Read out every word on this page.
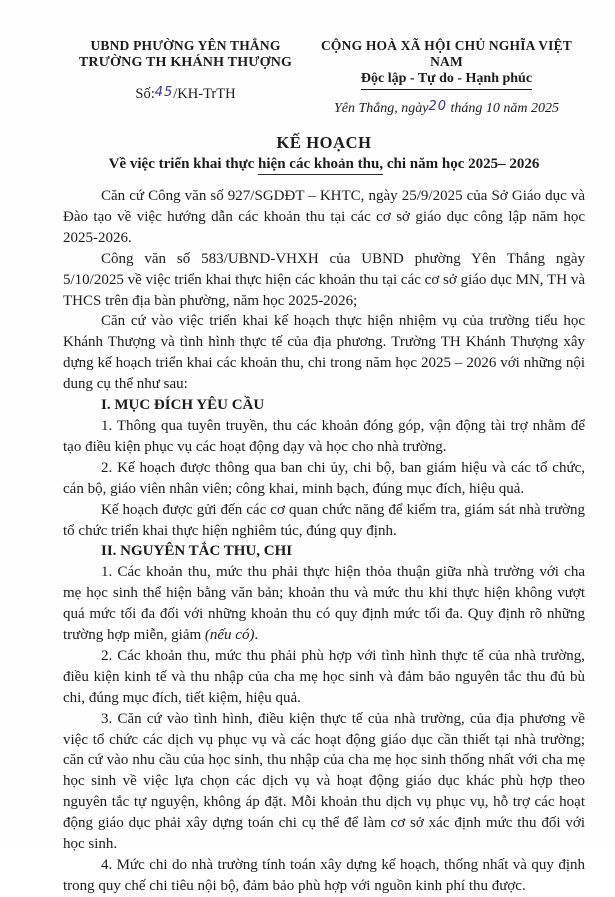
UBND PHƯỜNG YÊN THẮNG
TRƯỜNG TH KHÁNH THƯỢNG
Số:45/KH-TrTH
CỘNG HOÀ XÃ HỘI CHỦ NGHĨA VIỆT NAM
Độc lập - Tự do - Hạnh phúc
Yên Thắng, ngày20 tháng 10 năm 2025
KẾ HOẠCH
Về việc triển khai thực hiện các khoản thu, chi năm học 2025– 2026

Căn cứ Công văn số 927/SGDĐT – KHTC, ngày 25/9/2025 của Sở Giáo dục và Đào tạo về việc hướng dẫn các khoản thu tại các cơ sở giáo dục công lập năm học 2025-2026.

Công văn số 583/UBND-VHXH của UBND phường Yên Thắng ngày 5/10/2025 về việc triển khai thực hiện các khoản thu tại các cơ sở giáo dục MN, TH và THCS trên địa bàn phường, năm học 2025-2026;

Căn cứ vào việc triển khai kế hoạch thực hiện nhiệm vụ của trường tiểu học Khánh Thượng và tình hình thực tế của địa phương. Trường TH Khánh Thượng xây dựng kế hoạch triển khai các khoản thu, chi trong năm học 2025 – 2026 với những nội dung cụ thể như sau:

I. MỤC ĐÍCH YÊU CẦU

1. Thông qua tuyên truyền, thu các khoản đóng góp, vận động tài trợ nhằm để tạo điều kiện phục vụ các hoạt động dạy và học cho nhà trường.

2. Kế hoạch được thông qua ban chi ủy, chi bộ, ban giám hiệu và các tổ chức, cán bộ, giáo viên nhân viên; công khai, minh bạch, đúng mục đích, hiệu quả.

Kế hoạch được gửi đến các cơ quan chức năng để kiểm tra, giám sát nhà trường tổ chức triển khai thực hiện nghiêm túc, đúng quy định.

II. NGUYÊN TẮC THU, CHI

1. Các khoản thu, mức thu phải thực hiện thỏa thuận giữa nhà trường với cha mẹ học sinh thể hiện bằng văn bản; khoản thu và mức thu khi thực hiện không vượt quá mức tối đa đối với những khoản thu có quy định mức tối đa. Quy định rõ những trường hợp miễn, giảm (nếu có).

2. Các khoản thu, mức thu phải phù hợp với tình hình thực tế của nhà trường, điều kiện kinh tế và thu nhập của cha mẹ học sinh và đảm bảo nguyên tắc thu đủ bù chi, đúng mục đích, tiết kiệm, hiệu quả.

3. Căn cứ vào tình hình, điều kiện thực tế của nhà trường, của địa phương về việc tổ chức các dịch vụ phục vụ và các hoạt động giáo dục cần thiết tại nhà trường; căn cứ vào nhu cầu của học sinh, thu nhập của cha mẹ học sinh thống nhất với cha mẹ học sinh về việc lựa chọn các dịch vụ và hoạt động giáo dục khác phù hợp theo nguyên tắc tự nguyện, không áp đặt. Mỗi khoản thu dịch vụ phục vụ, hỗ trợ các hoạt động giáo dục phải xây dựng toán chi cụ thể để làm cơ sở xác định mức thu đối với học sinh.

4. Mức chi do nhà trường tính toán xây dựng kế hoạch, thống nhất và quy định trong quy chế chi tiêu nội bộ, đảm bảo phù hợp với nguồn kinh phí thu được.
